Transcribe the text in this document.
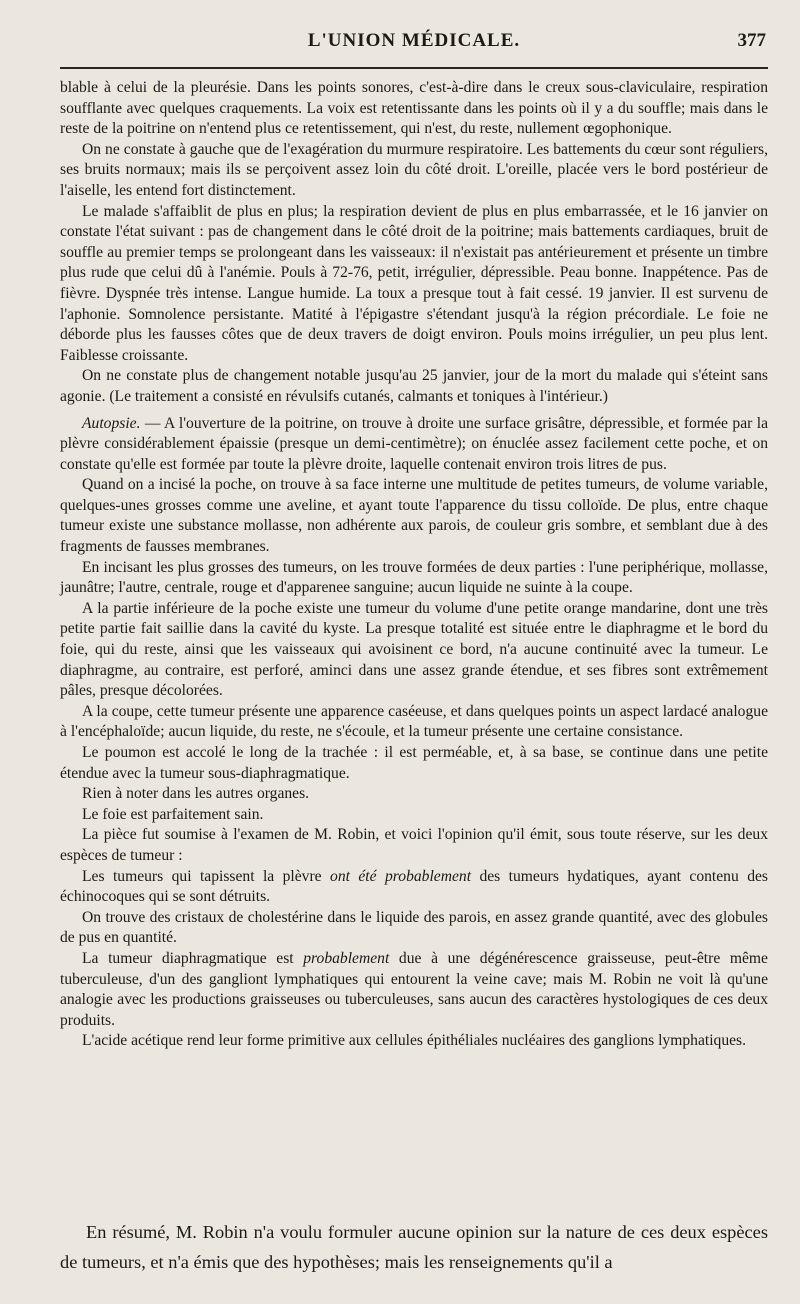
L'UNION MÉDICALE.	377

blable à celui de la pleurésie. Dans les points sonores, c'est-à-dire dans le creux sous-claviculaire, respiration soufflante avec quelques craquements. La voix est retentissante dans les points où il y a du souffle; mais dans le reste de la poitrine on n'entend plus ce retentissement, qui n'est, du reste, nullement œgophonique.

On ne constate à gauche que de l'exagération du murmure respiratoire. Les battements du cœur sont réguliers, ses bruits normaux; mais ils se perçoivent assez loin du côté droit. L'oreille, placée vers le bord postérieur de l'aiselle, les entend fort distinctement.

Le malade s'affaiblit de plus en plus; la respiration devient de plus en plus embarrassée, et le 16 janvier on constate l'état suivant : pas de changement dans le côté droit de la poitrine; mais battements cardiaques, bruit de souffle au premier temps se prolongeant dans les vaisseaux: il n'existait pas antérieurement et présente un timbre plus rude que celui dû à l'anémie. Pouls à 72-76, petit, irrégulier, dépressible. Peau bonne. Inappétence. Pas de fièvre. Dyspnée très intense. Langue humide. La toux a presque tout à fait cessé. 19 janvier. Il est survenu de l'aphonie. Somnolence persistante. Matité à l'épigastre s'étendant jusqu'à la région précordiale. Le foie ne déborde plus les fausses côtes que de deux travers de doigt environ. Pouls moins irrégulier, un peu plus lent. Faiblesse croissante.

On ne constate plus de changement notable jusqu'au 25 janvier, jour de la mort du malade qui s'éteint sans agonie. (Le traitement a consisté en révulsifs cutanés, calmants et toniques à l'intérieur.)

Autopsie. — A l'ouverture de la poitrine, on trouve à droite une surface grisâtre, dépressible, et formée par la plèvre considérablement épaissie (presque un demi-centimètre); on énuclée assez facilement cette poche, et on constate qu'elle est formée par toute la plèvre droite, laquelle contenait environ trois litres de pus.

Quand on a incisé la poche, on trouve à sa face interne une multitude de petites tumeurs, de volume variable, quelques-unes grosses comme une aveline, et ayant toute l'apparence du tissu colloïde. De plus, entre chaque tumeur existe une substance mollasse, non adhérente aux parois, de couleur gris sombre, et semblant due à des fragments de fausses membranes.

En incisant les plus grosses des tumeurs, on les trouve formées de deux parties : l'une periphérique, mollasse, jaunâtre; l'autre, centrale, rouge et d'apparenee sanguine; aucun liquide ne suinte à la coupe.

A la partie inférieure de la poche existe une tumeur du volume d'une petite orange mandarine, dont une très petite partie fait saillie dans la cavité du kyste. La presque totalité est située entre le diaphragme et le bord du foie, qui du reste, ainsi que les vaisseaux qui avoisinent ce bord, n'a aucune continuité avec la tumeur. Le diaphragme, au contraire, est perforé, aminci dans une assez grande étendue, et ses fibres sont extrêmement pâles, presque décolorées.

A la coupe, cette tumeur présente une apparence caséeuse, et dans quelques points un aspect lardacé analogue à l'encéphaloïde; aucun liquide, du reste, ne s'écoule, et la tumeur présente une certaine consistance.

Le poumon est accolé le long de la trachée : il est perméable, et, à sa base, se continue dans une petite étendue avec la tumeur sous-diaphragmatique.

Rien à noter dans les autres organes.

Le foie est parfaitement sain.

La pièce fut soumise à l'examen de M. Robin, et voici l'opinion qu'il émit, sous toute réserve, sur les deux espèces de tumeur :

Les tumeurs qui tapissent la plèvre ont été probablement des tumeurs hydatiques, ayant contenu des échinocoques qui se sont détruits.

On trouve des cristaux de cholestérine dans le liquide des parois, en assez grande quantité, avec des globules de pus en quantité.

La tumeur diaphragmatique est probablement due à une dégénérescence graisseuse, peut-être même tuberculeuse, d'un des gangliont lymphatiques qui entourent la veine cave; mais M. Robin ne voit là qu'une analogie avec les productions graisseuses ou tuberculeuses, sans aucun des caractères hystologiques de ces deux produits.

L'acide acétique rend leur forme primitive aux cellules épithéliales nucléaires des ganglions lymphatiques.

En résumé, M. Robin n'a voulu formuler aucune opinion sur la nature de ces deux espèces de tumeurs, et n'a émis que des hypothèses; mais les renseignements qu'il a
